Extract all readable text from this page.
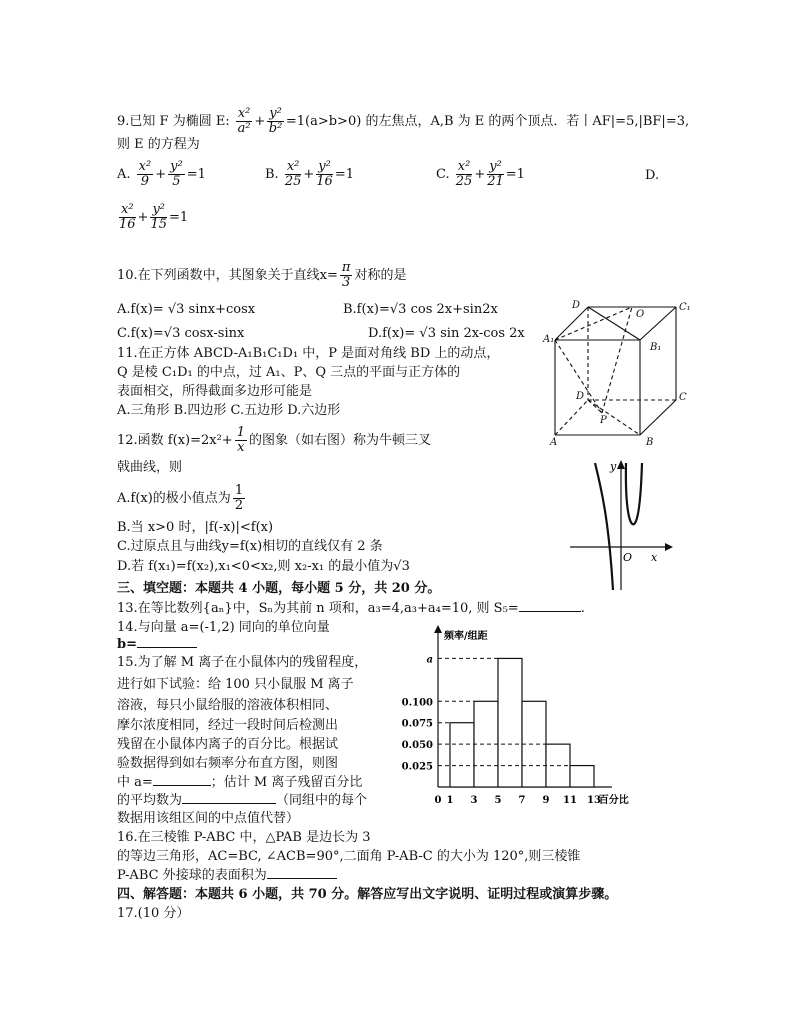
9.已知 F 为椭圆 E: $\frac{\text{x²}}{\text{a²}} + \frac{\text{y²}}{\text{b²}} =1(a>b>0)$ 的左焦点，A,B 为 E 的两个顶点．若丨AF|=5,|BF|=3,
则 E 的方程为
A. $\frac{\text{x²}}{9} + \frac{\text{y²}}{5} =1$	B. $\frac{\text{x²}}{25} + \frac{\text{y²}}{16} =1$	C. $\frac{\text{x²}}{25} + \frac{\text{y²}}{21} =1$	D.
$\frac{\text{x²}}{16} + \frac{\text{y²}}{15} =1$
10.在下列函数中，其图象关于直线$x= \frac{\pi}{3}$ 对称的是
A.f(x)= √3 sinx+cosx	B.f(x)=√3 cos 2x+sin2x
C.f(x)=√3 cosx-sinx	D.f(x)= √3 sin 2x-cos 2x
11.在正方体 ABCD-A₁B₁C₁D₁ 中，P 是面对角线 BD 上的动点，
Q 是棱 C₁D₁ 的中点，过 A₁、P、Q 三点的平面与正方体的
表面相交，所得截面多边形可能是
A.三角形 B.四边形 C.五边形 D.六边形
12.函数 $f(x)=2x^2+ \frac{1}{x}$ 的图象（如右图）称为牛顿三叉
戟曲线，则
A.f(x)的极小值点为 $\frac{1}{2}$
B.当 x>0 时，|f(-x)|<f(x)
C.过原点且与曲线y=f(x)相切的直线仅有 2 条
D.若 f(x₁)=f(x₂),x₁<0<x₂,则 x₂-x₁ 的最小值为√3
三、填空题：本题共 4 小题，每小题 5 分，共 20 分。
13.在等比数列{aₙ}中，Sₙ为其前 n 项和，a₃=4,a₃+a₄=10, 则 S₅=	.
14.与向量 a=(-1,2) 同向的单位向量
b=
15.为了解 M 离子在小鼠体内的残留程度，
进行如下试验：给 100 只小鼠服 M 离子
溶液，每只小鼠给服的溶液体积相同、
摩尔浓度相同，经过一段时间后检测出
残留在小鼠体内离子的百分比。根据试
验数据得到如右频率分布直方图，则图
中 a=	；估计 M 离子残留百分比
的平均数为	（同组中的每个
数据用该组区间的中点值代替）
16.在三棱锥 P-ABC 中，△PAB 是边长为 3
的等边三角形，AC=BC, ∠ACB=90°,二面角 P-AB-C 的大小为 120°,则三棱锥
P-ABC 外接球的表面积为
四、解答题：本题共 6 小题，共 70 分。解答应写出文字说明、证明过程或演算步骤。
17.(10 分）
D
O
C₁
A₁
B₁
D	C
P
A	B
y
O x
频率/组距
百分比
a
0.100
0.075
0.050
0.025
0 1 3 5 7 9 11 13
